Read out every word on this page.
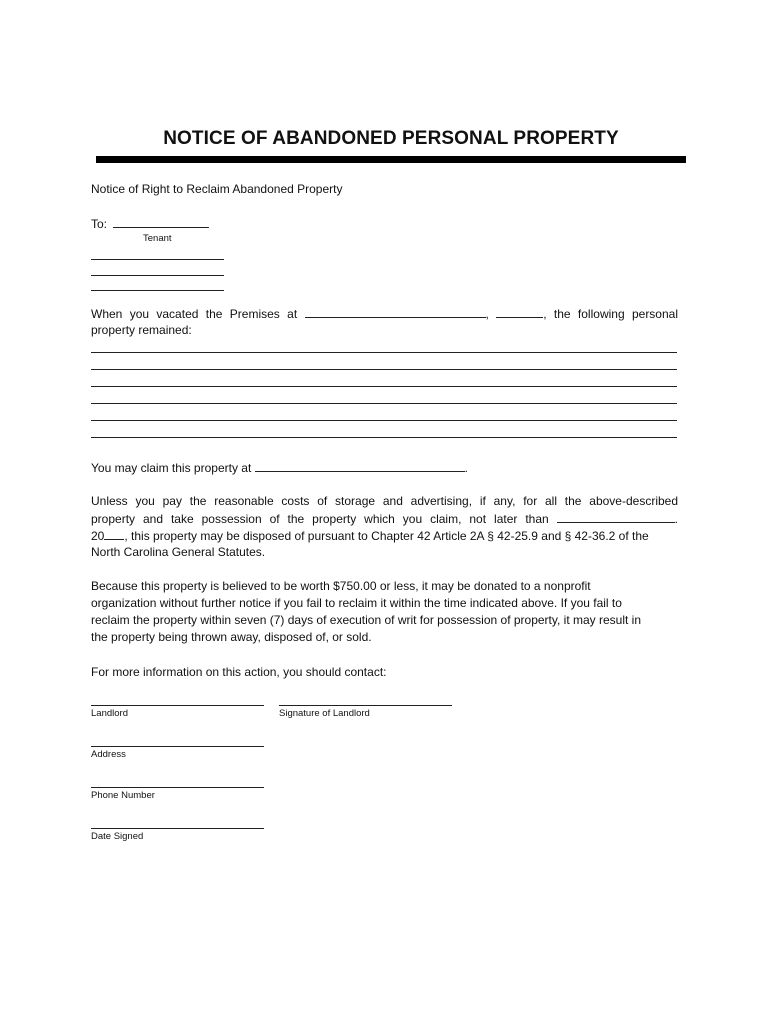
NOTICE OF ABANDONED PERSONAL PROPERTY
Notice of Right to Reclaim Abandoned Property
To:
Tenant
When you vacated the Premises at	,	, the following personal
property remained:
You may claim this property at	.
Unless you pay the reasonable costs of storage and advertising, if any, for all the above-described
property and take possession of the property which you claim, not later than	.
20 , this property may be disposed of pursuant to Chapter 42 Article 2A § 42-25.9 and § 42-36.2 of the
North Carolina General Statutes.
Because this property is believed to be worth $750.00 or less, it may be donated to a nonprofit
organization without further notice if you fail to reclaim it within the time indicated above. If you fail to
reclaim the property within seven (7) days of execution of writ for possession of property, it may result in
the property being thrown away, disposed of, or sold.
For more information on this action, you should contact:
Landlord	Signature of Landlord
Address
Phone Number
Date Signed
